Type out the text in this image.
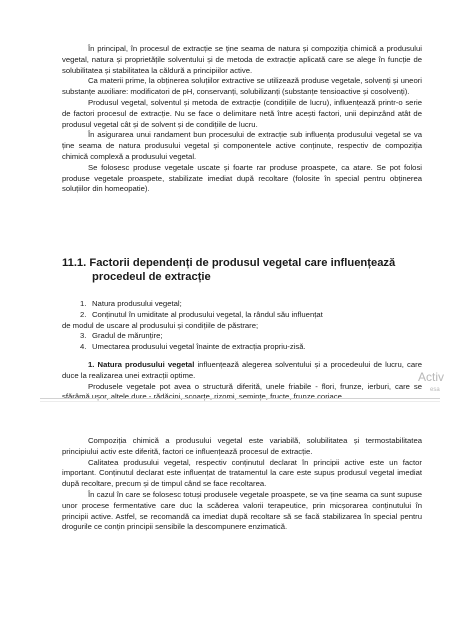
În principal, în procesul de extracție se ține seama de natura și compoziția chimică a produsului vegetal, natura și proprietățile solventului și de metoda de extracție aplicată care se alege în funcție de solubilitatea și stabilitatea la căldură a principiilor active.

Ca materii prime, la obținerea soluțiilor extractive se utilizează produse vegetale, solvenți și uneori substanțe auxiliare: modificatori de pH, conservanți, solubilizanți (substanțe tensioactive și cosolvenți).

Produsul vegetal, solventul și metoda de extracție (condițiile de lucru), influențează printr-o serie de factori procesul de extracție. Nu se face o delimitare netă între acești factori, unii depinzând atât de produsul vegetal cât și de solvent și de condițiile de lucru.

În asigurarea unui randament bun procesului de extracție sub influența produsului vegetal se va ține seama de natura produsului vegetal și componentele active conținute, respectiv de compoziția chimică complexă a produsului vegetal.

Se folosesc produse vegetale uscate și foarte rar produse proaspete, ca atare. Se pot folosi produse vegetale proaspete, stabilizate imediat după recoltare (folosite în special pentru obținerea soluțiilor din homeopatie).

11.1. Factorii dependenți de produsul vegetal care influențează
procedeul de extracție

1. Natura produsului vegetal;
2. Conținutul în umiditate al produsului vegetal, la rândul său influențat
de modul de uscare al produsului și condițiile de păstrare;
3. Gradul de mărunțire;
4. Umectarea produsului vegetal înainte de extracția propriu-zisă.

1. Natura produsului vegetal influențează alegerea solventului și a procedeului de lucru, care duce la realizarea unei extracții optime.

Produsele vegetale pot avea o structură diferită, unele friabile - flori, frunze, ierburi, care se sfărâmă ușor, altele dure - rădăcini, scoarțe, rizomi, semințe, fructe, frunze coriace.

Activ
esa

Compoziția chimică a produsului vegetal este variabilă, solubilitatea și termostabilitatea principiului activ este diferită, factori ce influențează procesul de extracție.

Calitatea produsului vegetal, respectiv conținutul declarat în principii active este un factor important. Conținutul declarat este influențat de tratamentul la care este supus produsul vegetal imediat după recoltare, precum și de timpul când se face recoltarea.

În cazul în care se folosesc totuși produsele vegetale proaspete, se va ține seama ca sunt supuse unor procese fermentative care duc la scăderea valorii terapeutice, prin micșorarea conținutului în principii active. Astfel, se recomandă ca imediat după recoltare să se facă stabilizarea în special pentru drogurile ce conțin principii sensibile la descompunere enzimatică.
